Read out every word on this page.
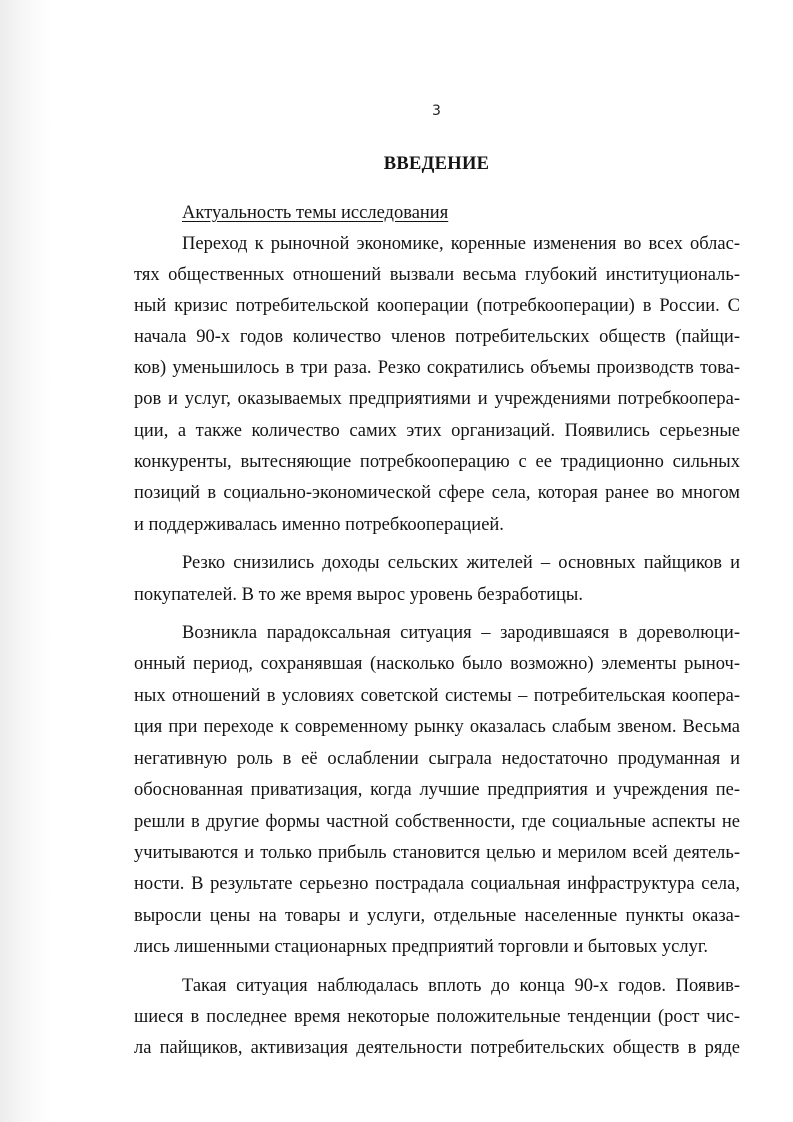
3
ВВЕДЕНИЕ
Актуальность темы исследования
Переход к рыночной экономике, коренные изменения во всех облас-
тях общественных отношений вызвали весьма глубокий институциональ-
ный кризис потребительской кооперации (потребкооперации) в России. С
начала 90-х годов количество членов потребительских обществ (пайщи-
ков) уменьшилось в три раза. Резко сократились объемы производств това-
ров и услуг, оказываемых предприятиями и учреждениями потребкоопера-
ции, а также количество самих этих организаций. Появились серьезные
конкуренты, вытесняющие потребкооперацию с ее традиционно сильных
позиций в социально-экономической сфере села, которая ранее во многом
и поддерживалась именно потребкооперацией.
Резко снизились доходы сельских жителей – основных пайщиков и
покупателей. В то же время вырос уровень безработицы.
Возникла парадоксальная ситуация – зародившаяся в дореволюци-
онный период, сохранявшая (насколько было возможно) элементы рыноч-
ных отношений в условиях советской системы – потребительская коопера-
ция при переходе к современному рынку оказалась слабым звеном. Весьма
негативную роль в её ослаблении сыграла недостаточно продуманная и
обоснованная приватизация, когда лучшие предприятия и учреждения пе-
решли в другие формы частной собственности, где социальные аспекты не
учитываются и только прибыль становится целью и мерилом всей деятель-
ности. В результате серьезно пострадала социальная инфраструктура села,
выросли цены на товары и услуги, отдельные населенные пункты оказа-
лись лишенными стационарных предприятий торговли и бытовых услуг.
Такая ситуация наблюдалась вплоть до конца 90-х годов. Появив-
шиеся в последнее время некоторые положительные тенденции (рост чис-
ла пайщиков, активизация деятельности потребительских обществ в ряде
